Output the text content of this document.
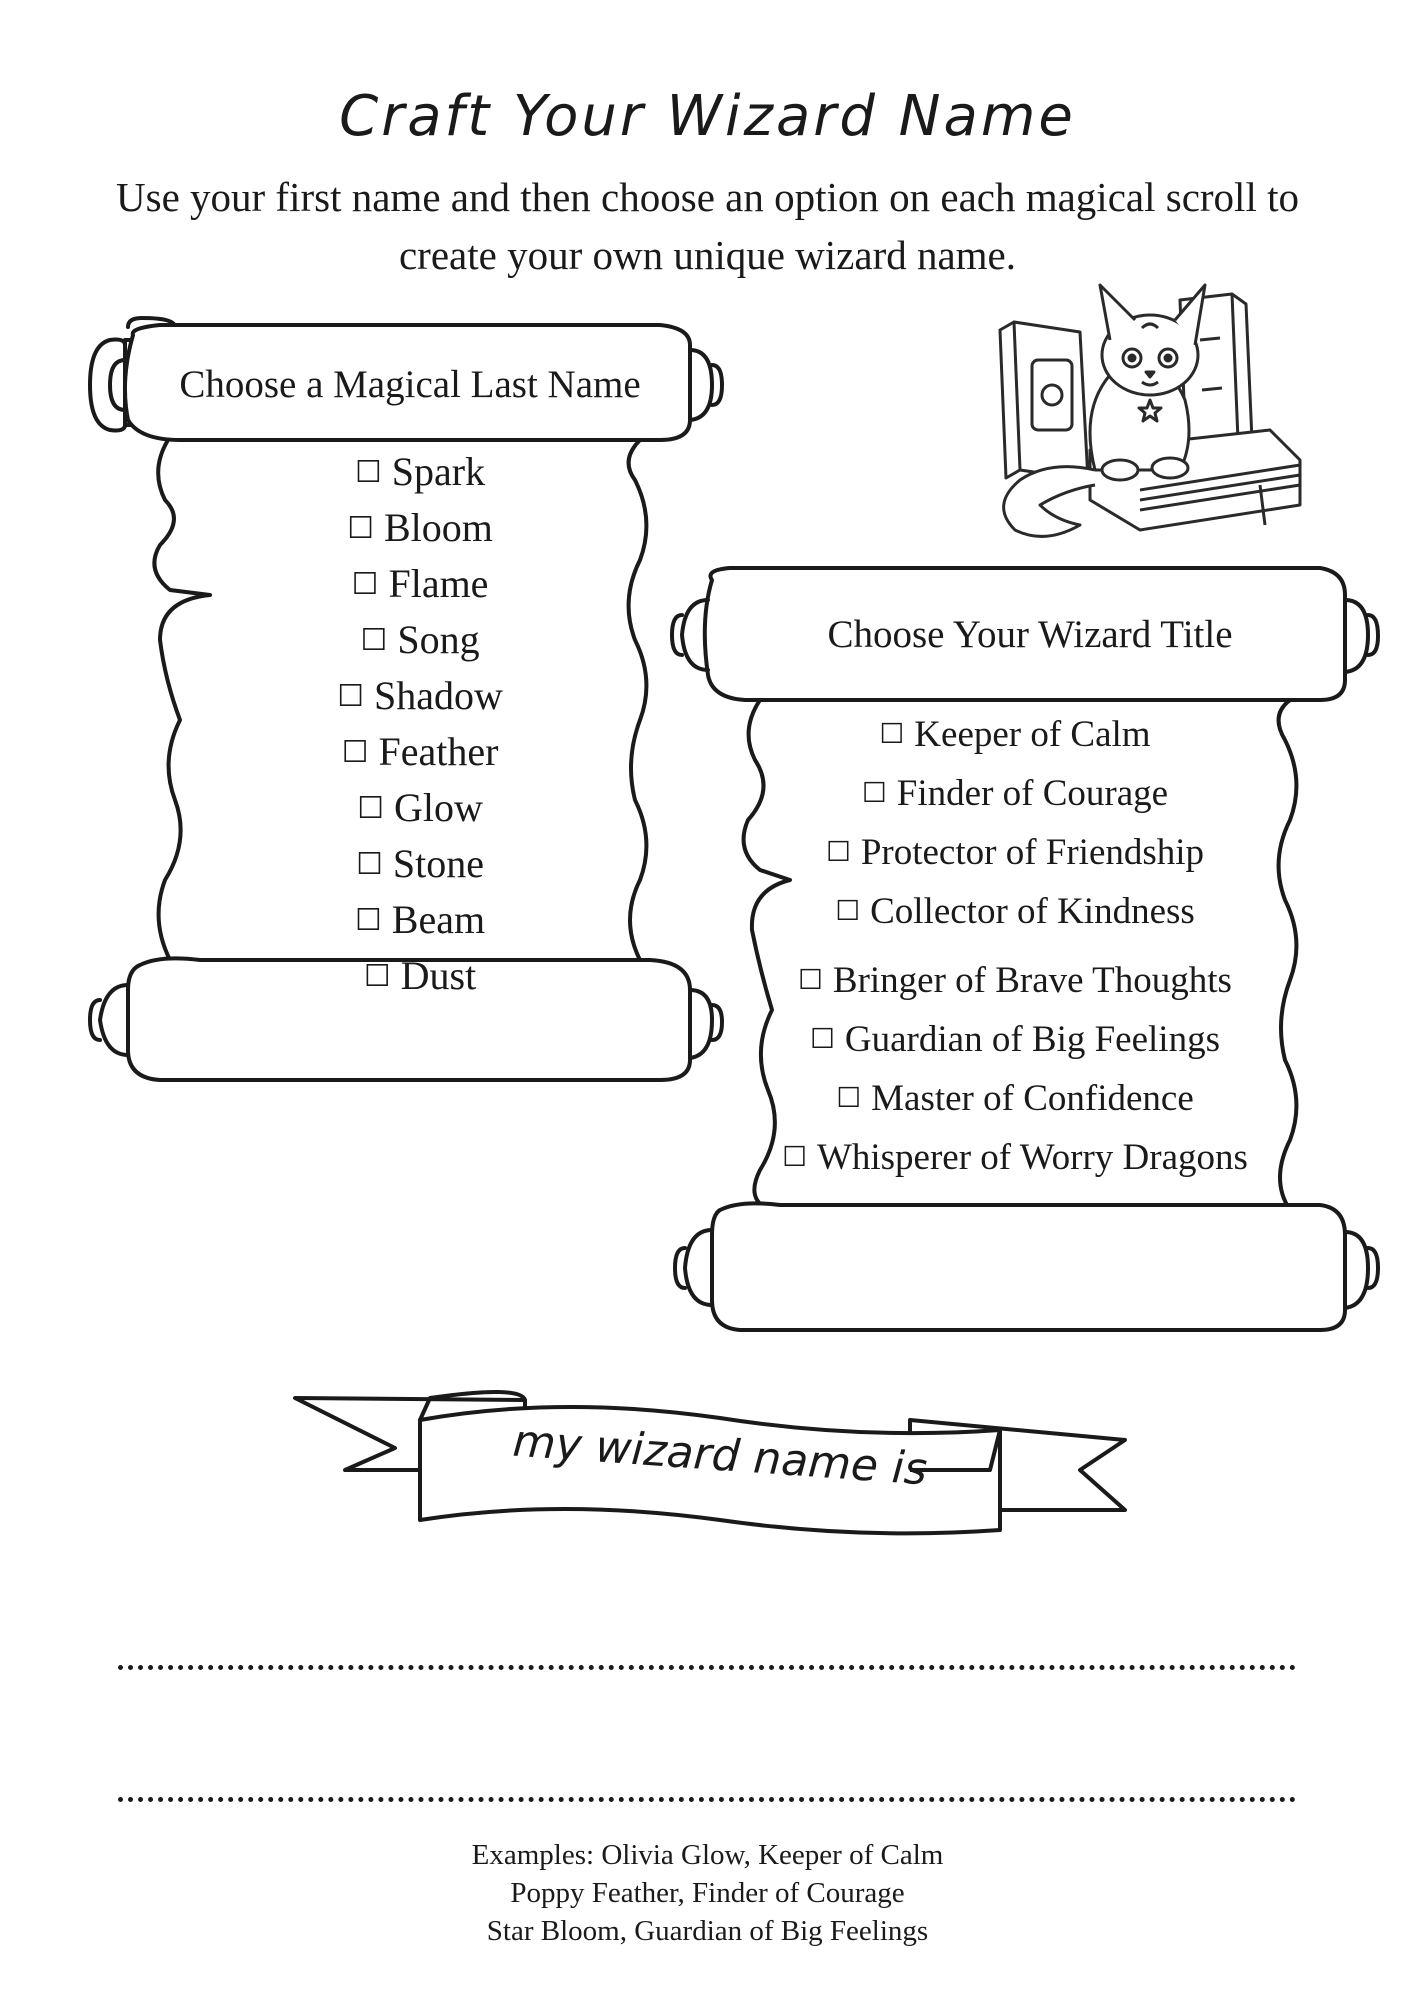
Craft Your Wizard Name
Use your first name and then choose an option on each magical scroll to create your own unique wizard name.
Choose a Magical Last Name
☐ Spark
☐ Bloom
☐ Flame
☐ Song
☐ Shadow
☐ Feather
☐ Glow
☐ Stone
☐ Beam
☐ Dust
Choose Your Wizard Title
☐ Keeper of Calm
☐ Finder of Courage
☐ Protector of Friendship
☐ Collector of Kindness
☐ Bringer of Brave Thoughts
☐ Guardian of Big Feelings
☐ Master of Confidence
☐ Whisperer of Worry Dragons
my wizard name is
Examples: Olivia Glow, Keeper of Calm
Poppy Feather, Finder of Courage
Star Bloom, Guardian of Big Feelings
